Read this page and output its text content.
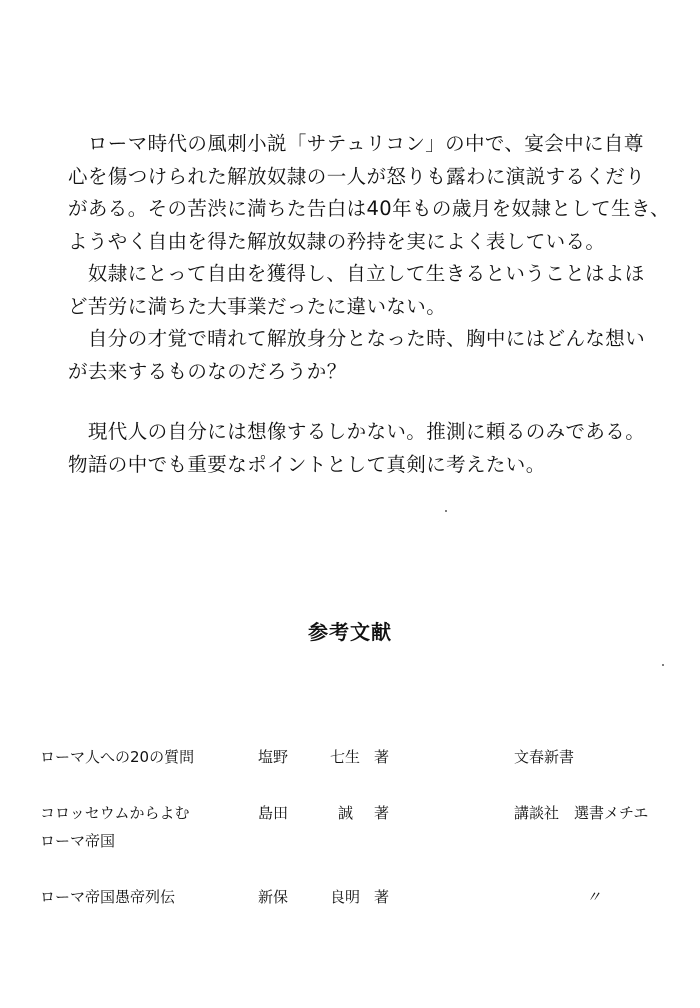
　ローマ時代の風刺小説「サテュリコン」の中で、宴会中に自尊

心を傷つけられた解放奴隷の一人が怒りも露わに演説するくだり

がある。その苦渋に満ちた告白は40年もの歳月を奴隷として生き、

ようやく自由を得た解放奴隷の矜持を実によく表している。

　奴隷にとって自由を獲得し、自立して生きるということはよほ

ど苦労に満ちた大事業だったに違いない。

　自分の才覚で晴れて解放身分となった時、胸中にはどんな想い

が去来するものなのだろうか？

　現代人の自分には想像するしかない。推測に頼るのみである。

物語の中でも重要なポイントとして真剣に考えたい。

参考文献
ローマ人への20の質問	塩野	七生 著	文春新書
コロッセウムからよむ
ローマ帝国
島田	誠 著	講談社　選書メチエ
ローマ帝国愚帝列伝	新保	良明 著	〃
